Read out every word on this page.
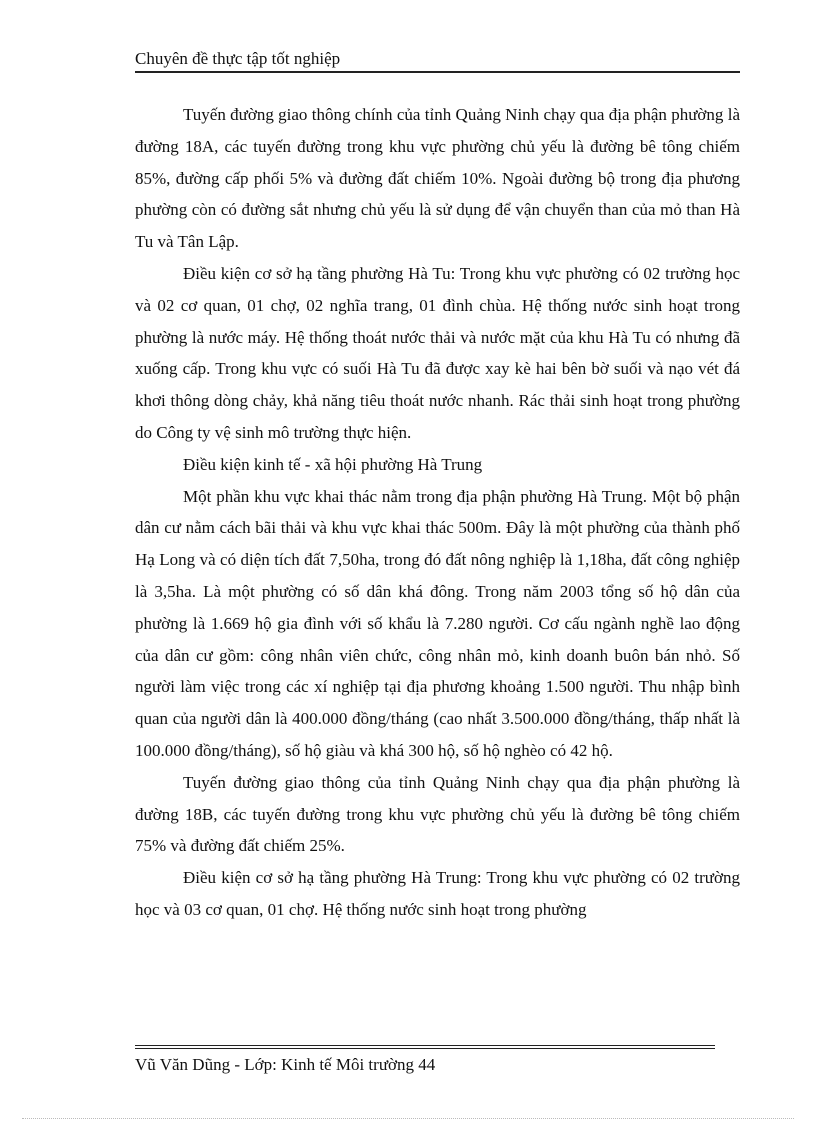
Chuyên đề thực tập tốt nghiệp

Tuyến đường giao thông chính của tỉnh Quảng Ninh chạy qua địa phận phường là đường 18A, các tuyến đường trong khu vực phường chủ yếu là đường bê tông chiếm 85%, đường cấp phối 5% và đường đất chiếm 10%. Ngoài đường bộ trong địa phương phường còn có đường sắt nhưng chủ yếu là sử dụng để vận chuyển than của mỏ than Hà Tu và Tân Lập.

Điều kiện cơ sở hạ tầng phường Hà Tu: Trong khu vực phường có 02 trường học và 02 cơ quan, 01 chợ, 02 nghĩa trang, 01 đình chùa. Hệ thống nước sinh hoạt trong phường là nước máy. Hệ thống thoát nước thải và nước mặt của khu Hà Tu có nhưng đã xuống cấp. Trong khu vực có suối Hà Tu đã được xay kè hai bên bờ suối và nạo vét đá khơi thông dòng chảy, khả năng tiêu thoát nước nhanh. Rác thải sinh hoạt trong phường do Công ty vệ sinh mô trường thực hiện.

Điều kiện kinh tế - xã hội phường Hà Trung

Một phần khu vực khai thác nằm trong địa phận phường Hà Trung. Một bộ phận dân cư nằm cách bãi thải và khu vực khai thác 500m. Đây là một phường của thành phố Hạ Long và có diện tích đất 7,50ha, trong đó đất nông nghiệp là 1,18ha, đất công nghiệp là 3,5ha. Là một phường có số dân khá đông. Trong năm 2003 tổng số hộ dân của phường là 1.669 hộ gia đình với số khẩu là 7.280 người. Cơ cấu ngành nghề lao động của dân cư gồm: công nhân viên chức, công nhân mỏ, kinh doanh buôn bán nhỏ. Số người làm việc trong các xí nghiệp tại địa phương khoảng 1.500 người. Thu nhập bình quan của người dân là 400.000 đồng/tháng (cao nhất 3.500.000 đồng/tháng, thấp nhất là 100.000 đồng/tháng), số hộ giàu và khá 300 hộ, số hộ nghèo có 42 hộ.

Tuyến đường giao thông của tỉnh Quảng Ninh chạy qua địa phận phường là đường 18B, các tuyến đường trong khu vực phường chủ yếu là đường bê tông chiếm 75% và đường đất chiếm 25%.

Điều kiện cơ sở hạ tầng phường Hà Trung: Trong khu vực phường có 02 trường học và 03 cơ quan, 01 chợ. Hệ thống nước sinh hoạt trong phường

Vũ Văn Dũng - Lớp: Kinh tế Môi trường 44
